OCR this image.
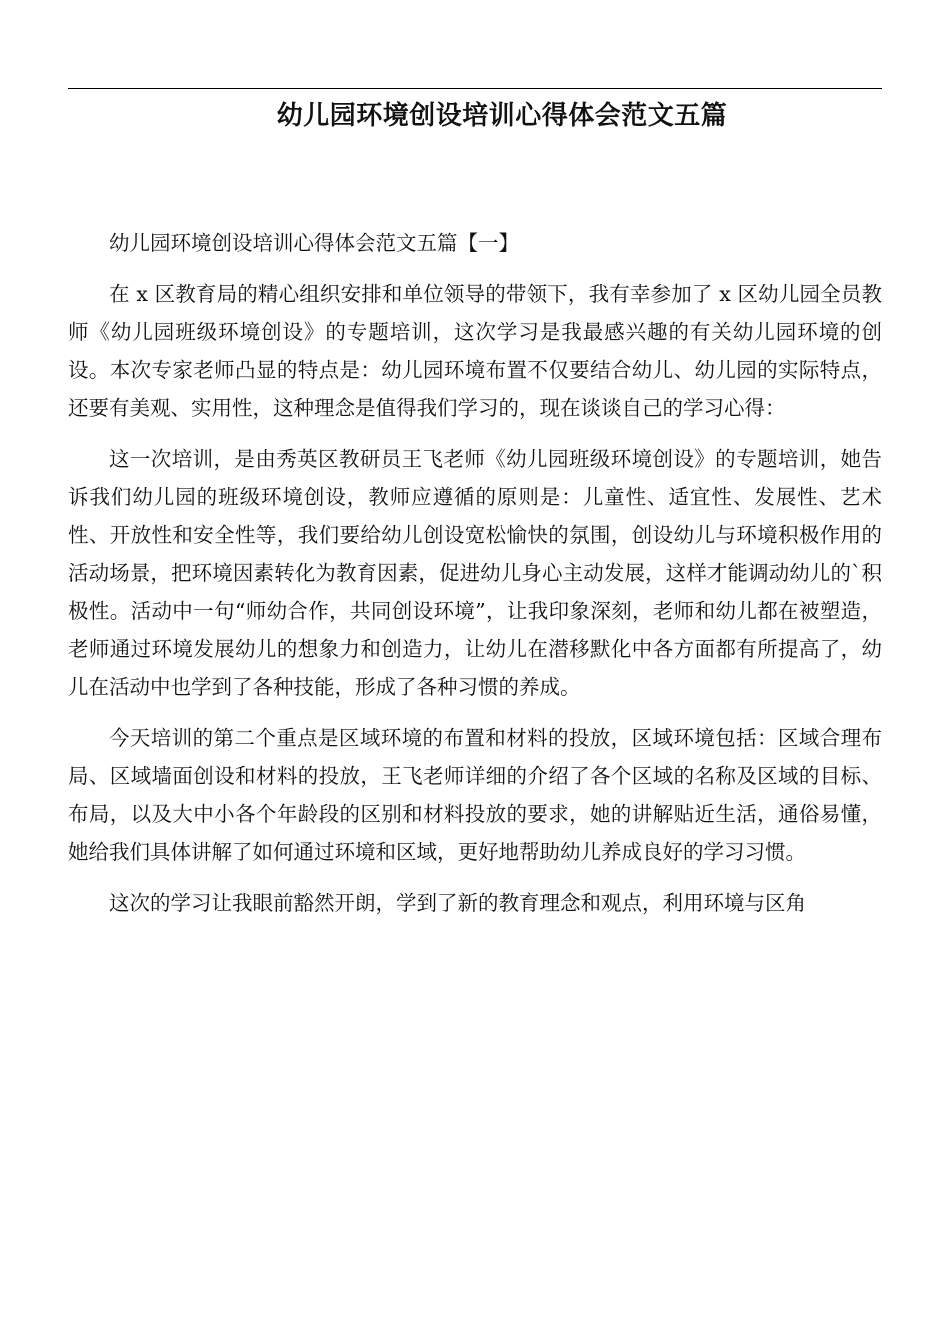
幼儿园环境创设培训心得体会范文五篇

幼儿园环境创设培训心得体会范文五篇【一】

在 x 区教育局的精心组织安排和单位领导的带领下，我有幸参加了 x 区幼儿园全员教师《幼儿园班级环境创设》的专题培训，这次学习是我最感兴趣的有关幼儿园环境的创设。本次专家老师凸显的特点是：幼儿园环境布置不仅要结合幼儿、幼儿园的实际特点，还要有美观、实用性，这种理念是值得我们学习的，现在谈谈自己的学习心得：

这一次培训，是由秀英区教研员王飞老师《幼儿园班级环境创设》的专题培训，她告诉我们幼儿园的班级环境创设，教师应遵循的原则是：儿童性、适宜性、发展性、艺术性、开放性和安全性等，我们要给幼儿创设宽松愉快的氛围，创设幼儿与环境积极作用的活动场景，把环境因素转化为教育因素，促进幼儿身心主动发展，这样才能调动幼儿的`积极性。活动中一句“师幼合作，共同创设环境”，让我印象深刻，老师和幼儿都在被塑造，老师通过环境发展幼儿的想象力和创造力，让幼儿在潜移默化中各方面都有所提高了，幼儿在活动中也学到了各种技能，形成了各种习惯的养成。

今天培训的第二个重点是区域环境的布置和材料的投放，区域环境包括：区域合理布局、区域墙面创设和材料的投放，王飞老师详细的介绍了各个区域的名称及区域的目标、布局，以及大中小各个年龄段的区别和材料投放的要求，她的讲解贴近生活，通俗易懂，她给我们具体讲解了如何通过环境和区域，更好地帮助幼儿养成良好的学习习惯。

这次的学习让我眼前豁然开朗，学到了新的教育理念和观点，利用环境与区角
